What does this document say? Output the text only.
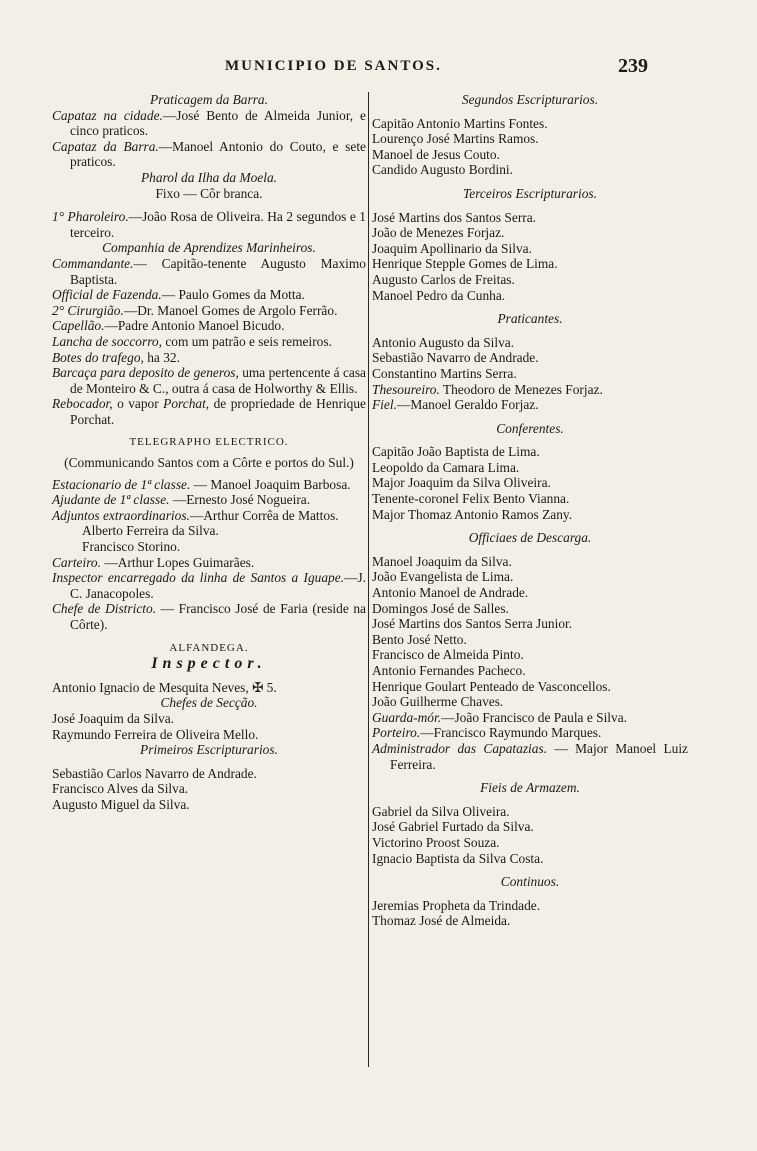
MUNICIPIO DE SANTOS.	239
Praticagem da Barra.
Capataz na cidade.—José Bento de Almeida Junior, e cinco praticos.
Capataz da Barra.—Manoel Antonio do Couto, e sete praticos.
Pharol da Ilha da Moela.
Fixo — Côr branca.
1° Pharoleiro.—João Rosa de Oliveira. Ha 2 segundos e 1 terceiro.
Companhia de Aprendizes Marinheiros.
Commandante.— Capitão-tenente Augusto Maximo Baptista.
Official de Fazenda.— Paulo Gomes da Motta.
2° Cirurgião.—Dr. Manoel Gomes de Argolo Ferrão.
Capellão.—Padre Antonio Manoel Bicudo.
Lancha de soccorro, com um patrão e seis remeiros.
Botes do trafego, ha 32.
Barcaça para deposito de generos, uma pertencente á casa de Monteiro & C., outra á casa de Holworthy & Ellis.
Rebocador, o vapor Porchat, de propriedade de Henrique Porchat.
TELEGRAPHO ELECTRICO.
(Communicando Santos com a Côrte e portos do Sul.)
Estacionario de 1ª classe. — Manoel Joaquim Barbosa.
Ajudante de 1ª classe. —Ernesto José Nogueira.
Adjuntos extraordinarios.—Arthur Corrêa de Mattos.
Alberto Ferreira da Silva.
Francisco Storino.
Carteiro. —Arthur Lopes Guimarães.
Inspector encarregado da linha de Santos a Iguape.—J. C. Janacopoles.
Chefe de Districto. — Francisco José de Faria (reside na Côrte).
ALFANDEGA.
Inspector.
Antonio Ignacio de Mesquita Neves, ✠ 5.
Chefes de Secção.
José Joaquim da Silva.
Raymundo Ferreira de Oliveira Mello.
Primeiros Escripturarios.
Sebastião Carlos Navarro de Andrade.
Francisco Alves da Silva.
Augusto Miguel da Silva.
Segundos Escripturarios.
Capitão Antonio Martins Fontes.
Lourenço José Martins Ramos.
Manoel de Jesus Couto.
Candido Augusto Bordini.
Terceiros Escripturarios.
José Martins dos Santos Serra.
João de Menezes Forjaz.
Joaquim Apollinario da Silva.
Henrique Stepple Gomes de Lima.
Augusto Carlos de Freitas.
Manoel Pedro da Cunha.
Praticantes.
Antonio Augusto da Silva.
Sebastião Navarro de Andrade.
Constantino Martins Serra.
Thesoureiro. Theodoro de Menezes Forjaz.
Fiel.—Manoel Geraldo Forjaz.
Conferentes.
Capitão João Baptista de Lima.
Leopoldo da Camara Lima.
Major Joaquim da Silva Oliveira.
Tenente-coronel Felix Bento Vianna.
Major Thomaz Antonio Ramos Zany.
Officiaes de Descarga.
Manoel Joaquim da Silva.
João Evangelista de Lima.
Antonio Manoel de Andrade.
Domingos José de Salles.
José Martins dos Santos Serra Junior.
Bento José Netto.
Francisco de Almeida Pinto.
Antonio Fernandes Pacheco.
Henrique Goulart Penteado de Vasconcellos.
João Guilherme Chaves.
Guarda-mór.—João Francisco de Paula e Silva.
Porteiro.—Francisco Raymundo Marques.
Administrador das Capatazias. — Major Manoel Luiz Ferreira.
Fieis de Armazem.
Gabriel da Silva Oliveira.
José Gabriel Furtado da Silva.
Victorino Proost Souza.
Ignacio Baptista da Silva Costa.
Continuos.
Jeremias Propheta da Trindade.
Thomaz José de Almeida.
